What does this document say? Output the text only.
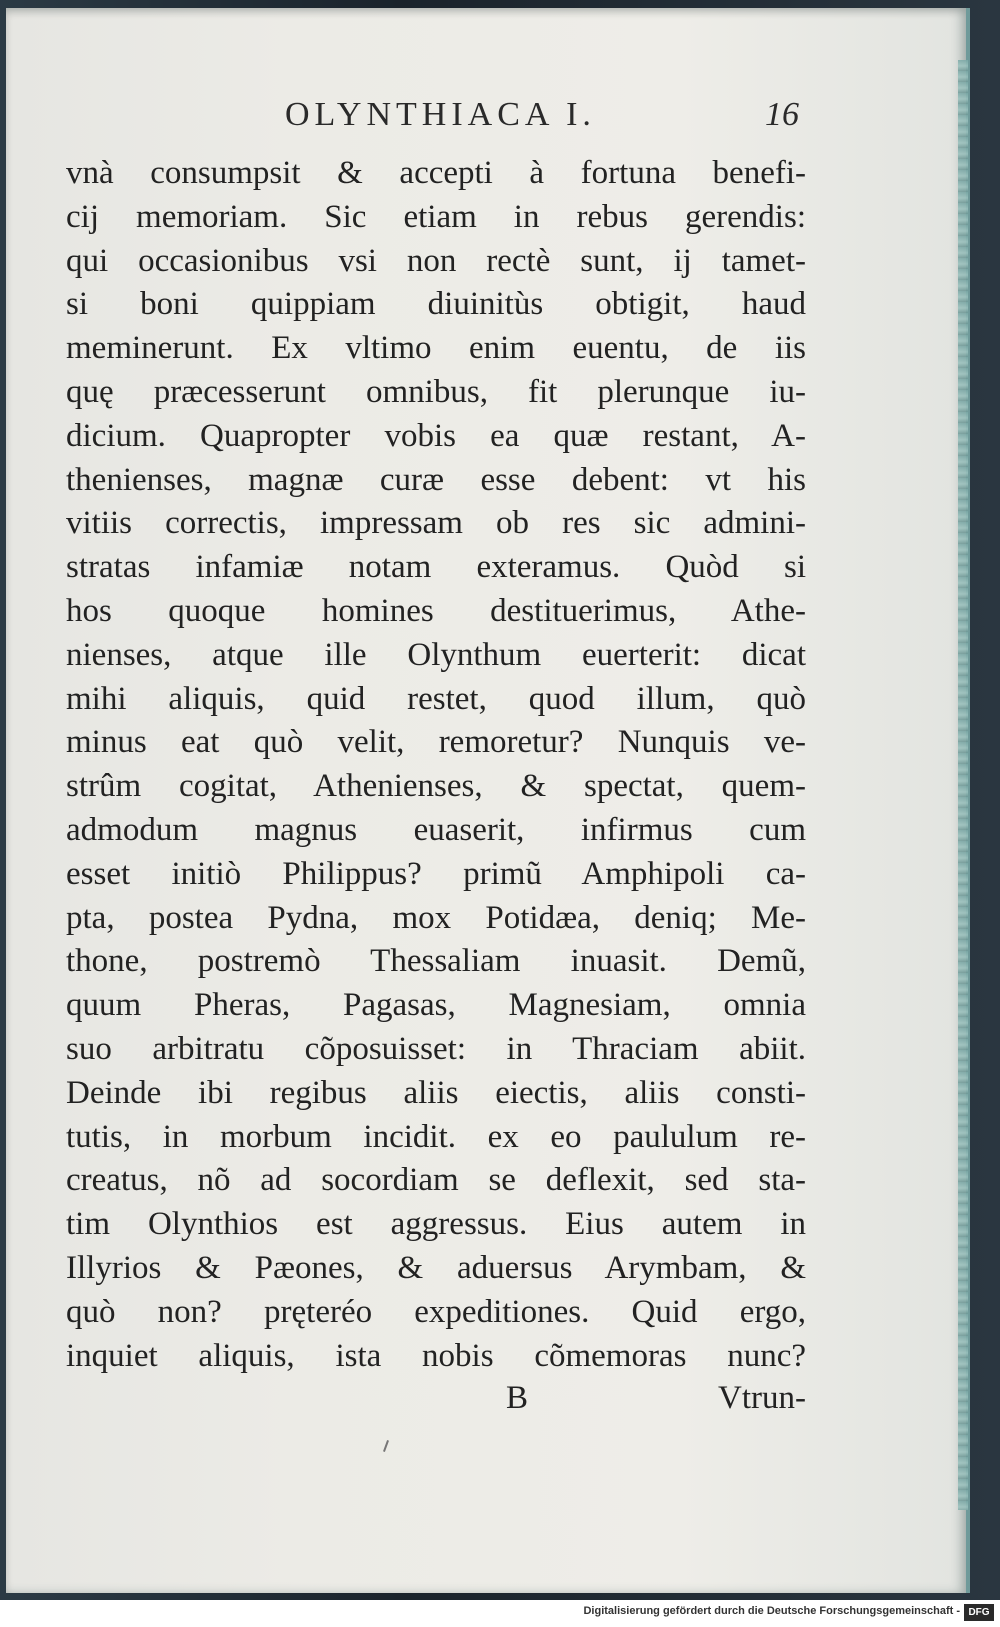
OLYNTHIACA I.	16
vnà consumpsit & accepti à fortuna benefi-
cij memoriam. Sic etiam in rebus gerendis:
qui occasionibus vsi non rectè sunt, ij tamet-
si boni quippiam diuinitùs obtigit, haud
meminerunt. Ex vltimo enim euentu, de iis
quę præcesserunt omnibus, fit plerunque iu-
dicium. Quapropter vobis ea quæ restant, A-
thenienses, magnæ curæ esse debent: vt his
vitiis correctis, impressam ob res sic admini-
stratas infamiæ notam exteramus. Quòd si
hos quoque homines destituerimus, Athe-
nienses, atque ille Olynthum euerterit: dicat
mihi aliquis, quid restet, quod illum, quò
minus eat quò velit, remoretur? Nunquis ve-
strûm cogitat, Athenienses, & spectat, quem-
admodum magnus euaserit, infirmus cum
esset initiò Philippus? primũ Amphipoli ca-
pta, postea Pydna, mox Potidæa, deniq; Me-
thone, postremò Thessaliam inuasit. Demũ,
quum Pheras, Pagasas, Magnesiam, omnia
suo arbitratu cõposuisset: in Thraciam abiit.
Deinde ibi regibus aliis eiectis, aliis consti-
tutis, in morbum incidit. ex eo paululum re-
creatus, nõ ad socordiam se deflexit, sed sta-
tim Olynthios est aggressus. Eius autem in
Illyrios & Pæones, & aduersus Arymbam, &
quò non? pręteréo expeditiones. Quid ergo,
inquiet aliquis, ista nobis cõmemoras nunc?
B	Vtrun-
Digitalisierung gefördert durch die Deutsche Forschungsgemeinschaft - DFG
